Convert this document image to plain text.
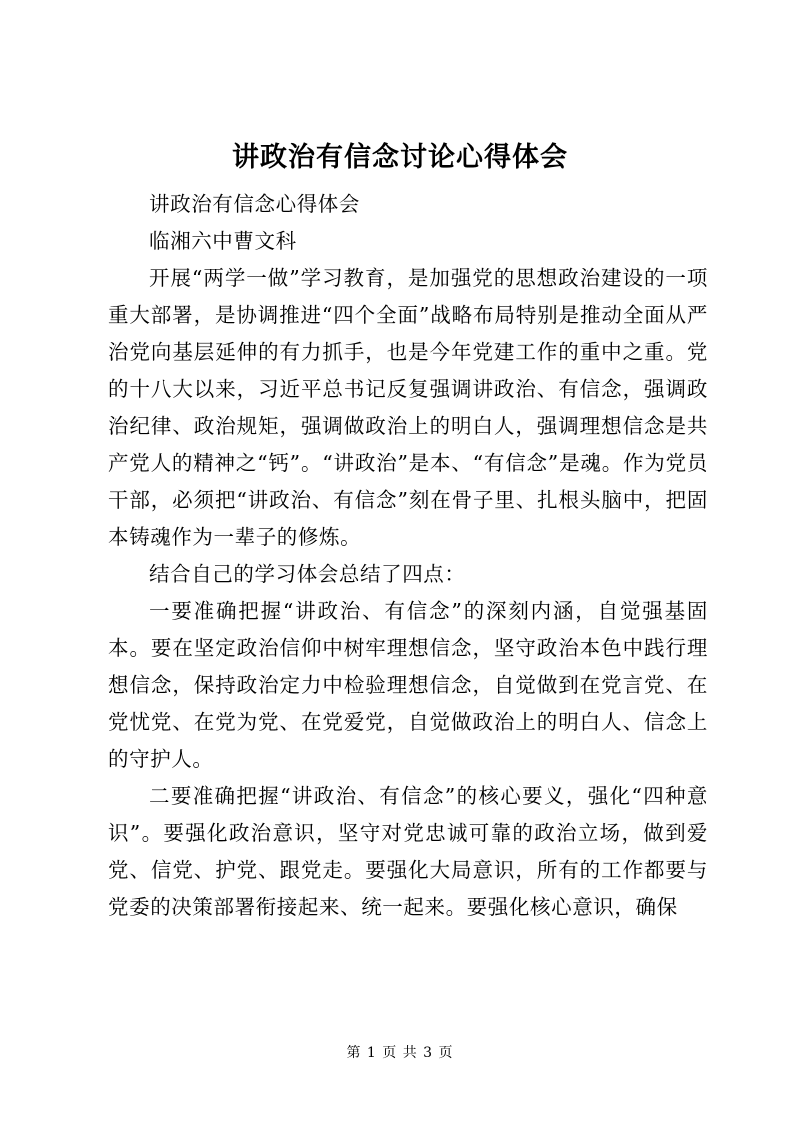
讲政治有信念讨论心得体会

讲政治有信念心得体会

临湘六中曹文科

开展“两学一做”学习教育，是加强党的思想政治建设的一项重大部署，是协调推进“四个全面”战略布局特别是推动全面从严治党向基层延伸的有力抓手，也是今年党建工作的重中之重。党的十八大以来，习近平总书记反复强调讲政治、有信念，强调政治纪律、政治规矩，强调做政治上的明白人，强调理想信念是共产党人的精神之“钙”。“讲政治”是本、“有信念”是魂。作为党员干部，必须把“讲政治、有信念”刻在骨子里、扎根头脑中，把固本铸魂作为一辈子的修炼。

结合自己的学习体会总结了四点：

一要准确把握“讲政治、有信念”的深刻内涵，自觉强基固本。要在坚定政治信仰中树牢理想信念，坚守政治本色中践行理想信念，保持政治定力中检验理想信念，自觉做到在党言党、在党忧党、在党为党、在党爱党，自觉做政治上的明白人、信念上的守护人。

二要准确把握“讲政治、有信念”的核心要义，强化“四种意识”。要强化政治意识，坚守对党忠诚可靠的政治立场，做到爱党、信党、护党、跟党走。要强化大局意识，所有的工作都要与党委的决策部署衔接起来、统一起来。要强化核心意识，确保

第 1 页 共 3 页
